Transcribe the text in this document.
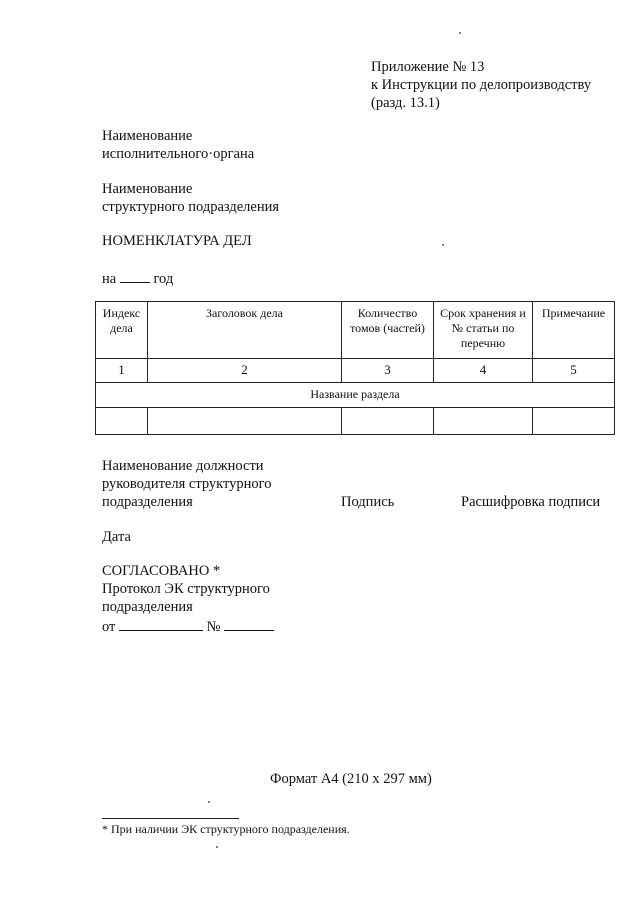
Приложение № 13
к Инструкции по делопроизводству
(разд. 13.1)
Наименование
исполнительного·органа
Наименование
структурного подразделения
НОМЕНКЛАТУРА ДЕЛ
на	год
Индекс дела	Заголовок дела	Количество томов (частей)	Срок хранения и № статьи по перечню	Примечание
1	2	3	4	5
Название раздела				

Наименование должности
руководителя структурного
подразделения	Подпись	Расшифровка подписи
Дата
СОГЛАСОВАНО *
Протокол ЭК структурного
подразделения
от	№
Формат А4 (210 х 297 мм)
* При наличии ЭК структурного подразделения.
